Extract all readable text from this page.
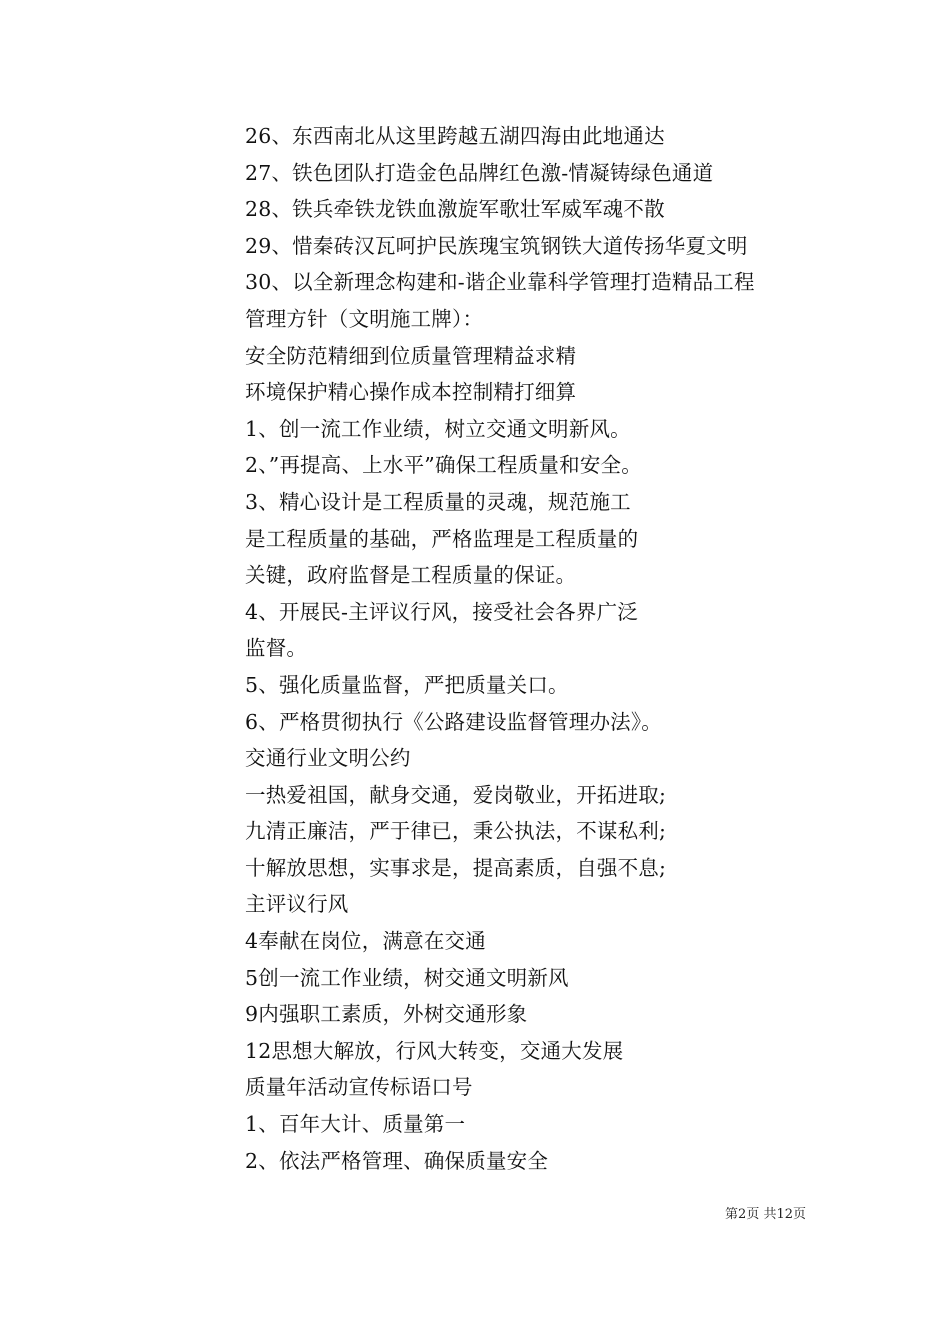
26、东西南北从这里跨越五湖四海由此地通达
27、铁色团队打造金色品牌红色激-情凝铸绿色通道
28、铁兵牵铁龙铁血激旋军歌壮军威军魂不散
29、惜秦砖汉瓦呵护民族瑰宝筑钢铁大道传扬华夏文明
30、以全新理念构建和-谐企业靠科学管理打造精品工程
管理方针（文明施工牌）：
安全防范精细到位质量管理精益求精
环境保护精心操作成本控制精打细算
1、创一流工作业绩，树立交通文明新风。
2、”再提高、上水平”确保工程质量和安全。
3、精心设计是工程质量的灵魂，规范施工
是工程质量的基础，严格监理是工程质量的
关键，政府监督是工程质量的保证。
4、开展民-主评议行风，接受社会各界广泛
监督。
5、强化质量监督，严把质量关口。
6、严格贯彻执行《公路建设监督管理办法》。
交通行业文明公约
一热爱祖国，献身交通，爱岗敬业，开拓进取;
九清正廉洁，严于律已，秉公执法，不谋私利;
十解放思想，实事求是，提高素质，自强不息;
主评议行风
4奉献在岗位，满意在交通
5创一流工作业绩，树交通文明新风
9内强职工素质，外树交通形象
12思想大解放，行风大转变，交通大发展
质量年活动宣传标语口号
1、百年大计、质量第一
2、依法严格管理、确保质量安全
第2页 共12页
